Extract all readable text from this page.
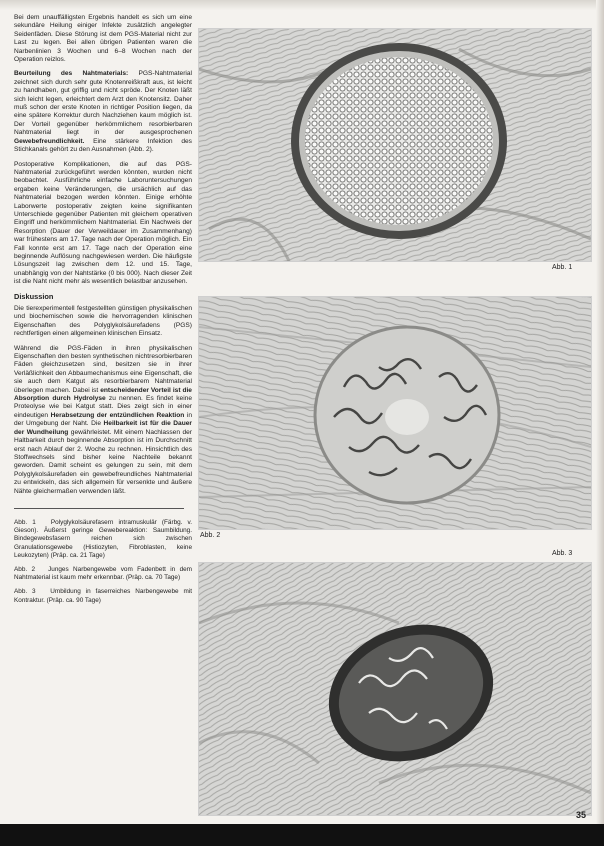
Bei dem unauffälligsten Ergebnis handelt es sich um eine sekundäre Heilung einiger Infekte zusätzlich angelegter Seidenfäden. Diese Störung ist dem PGS-Material nicht zur Last zu legen. Bei allen übrigen Patienten waren die Narbenlinien 3 Wochen und 6–8 Wochen nach der Operation reizlos.

Beurteilung des Nahtmaterials: PGS-Nahtmaterial zeichnet sich durch sehr gute Knotenreißkraft aus, ist leicht zu handhaben, gut griffig und nicht spröde. Der Knoten läßt sich leicht legen, erleichtert dem Arzt den Knotensitz. Daher muß schon der erste Knoten in richtiger Position liegen, da eine spätere Korrektur durch Nachziehen kaum möglich ist. Der Vorteil gegenüber herkömmlichem resorbierbaren Nahtmaterial liegt in der ausgesprochenen Gewebefreundlichkeit. Eine stärkere Infektion des Stichkanals gehört zu den Ausnahmen (Abb. 2).

Postoperative Komplikationen, die auf das PGS-Nahtmaterial zurückgeführt werden könnten, wurden nicht beobachtet. Ausführliche einfache Laboruntersuchungen ergaben keine Veränderungen, die ursächlich auf das Nahtmaterial bezogen werden könnten. Einige erhöhte Laborwerte postoperativ zeigten keine signifikanten Unterschiede gegenüber Patienten mit gleichem operativen Eingriff und herkömmlichem Nahtmaterial. Ein Nachweis der Resorption (Dauer der Verweildauer im Zusammenhang) war frühestens am 17. Tage nach der Operation möglich. Ein Fall konnte erst am 17. Tage nach der Operation eine beginnende Auflösung nachgewiesen werden. Die häufigste Lösungszeit lag zwischen dem 12. und 15. Tage, unabhängig von der Nahtstärke (0 bis 000). Nach dieser Zeit ist die Naht nicht mehr als wesentlich belastbar anzusehen.

Diskussion

Die tierexperimentell festgestellten günstigen physikalischen und biochemischen sowie die hervorragenden klinischen Eigenschaften des Polyglykolsäurefadens (PGS) rechtfertigen einen allgemeinen klinischen Einsatz.

Während die PGS-Fäden in ihren physikalischen Eigenschaften den besten synthetischen nichtresorbierbaren Fäden gleichzusetzen sind, besitzen sie in ihrer Verläßlichkeit den Abbaumechanismus eine Eigenschaft, die sie auch dem Katgut als resorbierbarem Nahtmaterial überlegen machen. Dabei ist entscheidender Vorteil ist die Absorption durch Hydrolyse zu nennen. Es findet keine Proteolyse wie bei Katgut statt. Dies zeigt sich in einer eindeutigen Herabsetzung der entzündlichen Reaktion in der Umgebung der Naht. Die Heilbarkeit ist für die Dauer der Wundheilung gewährleistet. Mit einem Nachlassen der Haltbarkeit durch beginnende Absorption ist im Durchschnitt erst nach Ablauf der 2. Woche zu rechnen. Hinsichtlich des Stoffwechsels sind bisher keine Nachteile bekannt geworden. Damit scheint es gelungen zu sein, mit dem Polyglykolsäurefaden ein gewebefreundliches Nahtmaterial zu entwickeln, das sich allgemein für versenkte und äußere Nähte gleichermaßen verwenden läßt.

Abb. 1 Polyglykolsäurefasern intramuskulär (Färbg. v. Gieson). Äußerst geringe Gewebereaktion: Saumbildung. Bindegewebsfasern reichen sich zwischen Granulationsgewebe (Histiozyten, Fibroblasten, keine Leukozyten) (Präp. ca. 21 Tage)

Abb. 2 Junges Narbengewebe vom Fadenbett in dem Nahtmaterial ist kaum mehr erkennbar. (Präp. ca. 70 Tage)

Abb. 3 Umbildung in faserreiches Narbengewebe mit Kontraktur. (Präp. ca. 90 Tage)

Abb. 1
Abb. 2
Abb. 3
35
